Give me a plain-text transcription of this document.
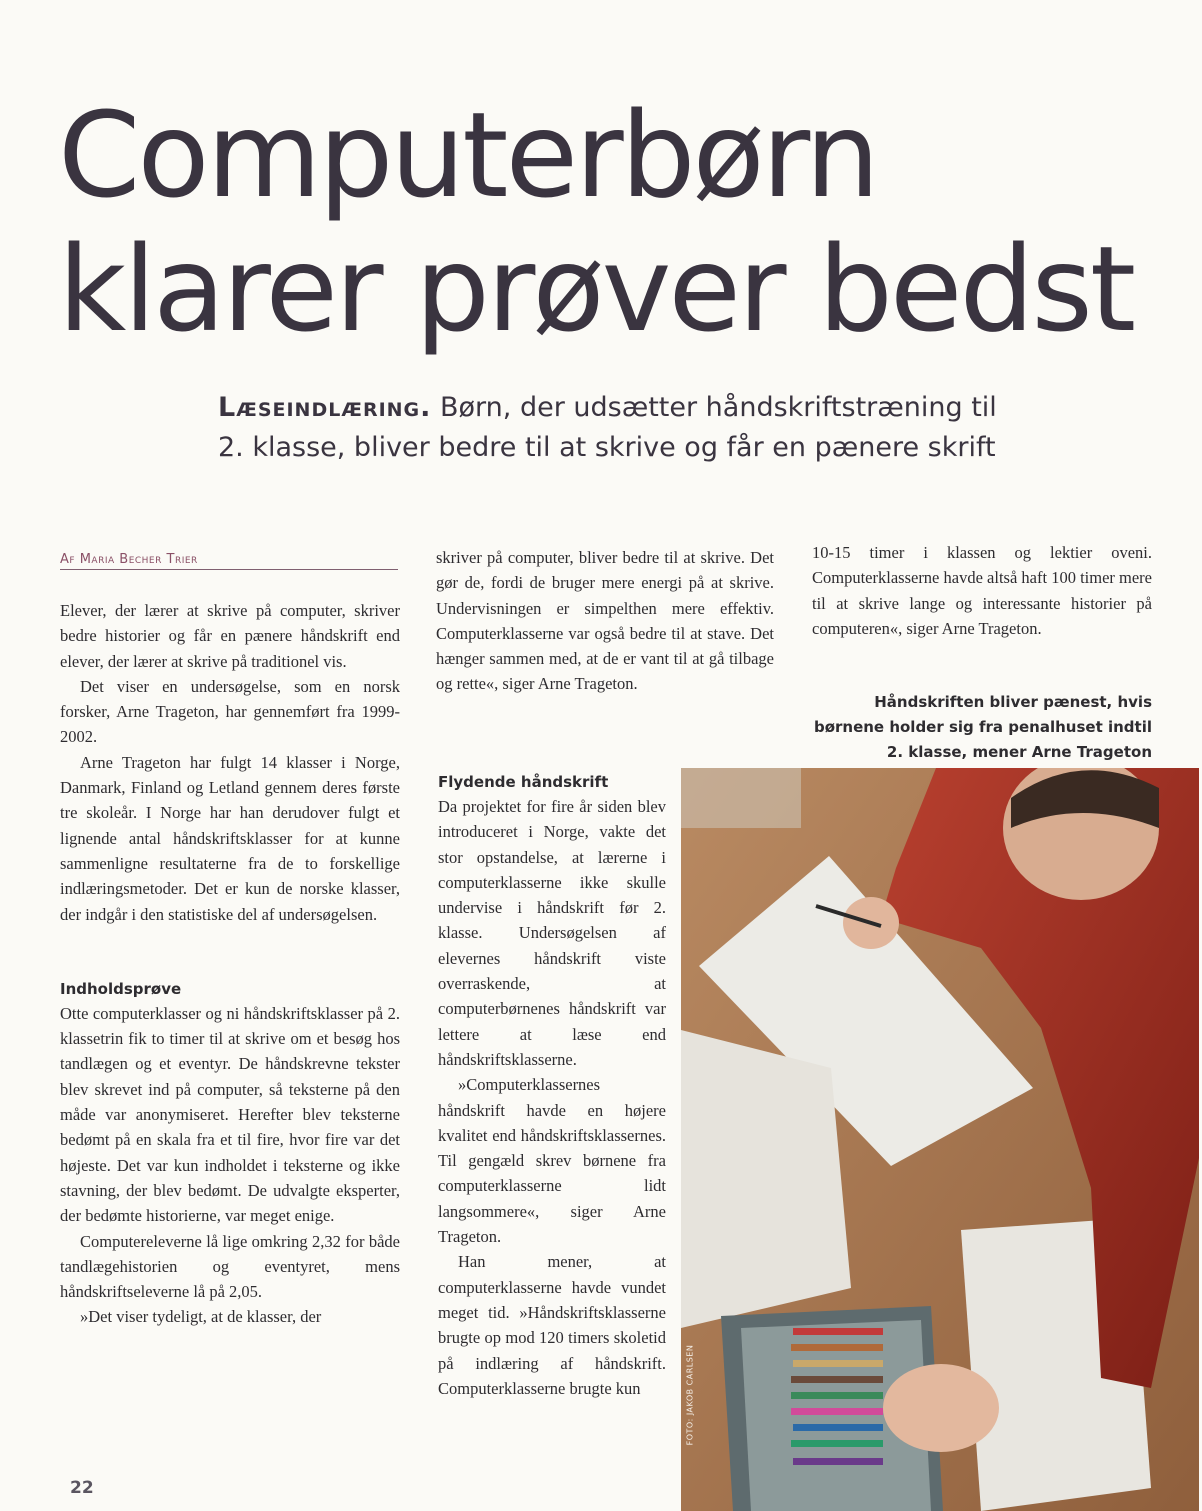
Computerbørn
klarer prøver bedst

Læseindlæring. Børn, der udsætter håndskriftstræning til
2. klasse, bliver bedre til at skrive og får en pænere skrift

Af Maria Becher Trier

Elever, der lærer at skrive på computer, skriver bedre historier og får en pænere håndskrift end elever, der lærer at skrive på traditionel vis.

Det viser en undersøgelse, som en norsk forsker, Arne Trageton, har gennemført fra 1999-2002.

Arne Trageton har fulgt 14 klasser i Norge, Danmark, Finland og Letland gennem deres første tre skoleår. I Norge har han derudover fulgt et lignende antal håndskriftsklasser for at kunne sammenligne resultaterne fra de to forskellige indlæringsmetoder. Det er kun de norske klasser, der indgår i den statistiske del af undersøgelsen.

Indholdsprøve

Otte computerklasser og ni håndskriftsklasser på 2. klassetrin fik to timer til at skrive om et besøg hos tandlægen og et eventyr. De håndskrevne tekster blev skrevet ind på computer, så teksterne på den måde var anonymiseret. Herefter blev teksterne bedømt på en skala fra et til fire, hvor fire var det højeste. Det var kun indholdet i teksterne og ikke stavning, der blev bedømt. De udvalgte eksperter, der bedømte historierne, var meget enige.

Computereleverne lå lige omkring 2,32 for både tandlægehistorien og eventyret, mens håndskriftseleverne lå på 2,05.

»Det viser tydeligt, at de klasser, der

skriver på computer, bliver bedre til at skrive. Det gør de, fordi de bruger mere energi på at skrive. Undervisningen er simpelthen mere effektiv. Computerklasserne var også bedre til at stave. Det hænger sammen med, at de er vant til at gå tilbage og rette«, siger Arne Trageton.

Flydende håndskrift

Da projektet for fire år siden blev introduceret i Norge, vakte det stor opstandelse, at lærerne i computerklasserne ikke skulle undervise i håndskrift før 2. klasse. Undersøgelsen af elevernes håndskrift viste overraskende, at computerbørnenes håndskrift var lettere at læse end håndskriftsklasserne.

»Computerklassernes håndskrift havde en højere kvalitet end håndskriftsklassernes. Til gengæld skrev børnene fra computerklasserne lidt langsommere«, siger Arne Trageton.

Han mener, at computerklasserne havde vundet meget tid. »Håndskriftsklasserne brugte op mod 120 timers skoletid på indlæring af håndskrift. Computerklasserne brugte kun

10-15 timer i klassen og lektier oveni. Computerklasserne havde altså haft 100 timer mere til at skrive lange og interessante historier på computeren«, siger Arne Trageton.

Håndskriften bliver pænest, hvis børnene holder sig fra penalhuset indtil 2. klasse, mener Arne Trageton

FOTO: JAKOB CARLSEN
22
